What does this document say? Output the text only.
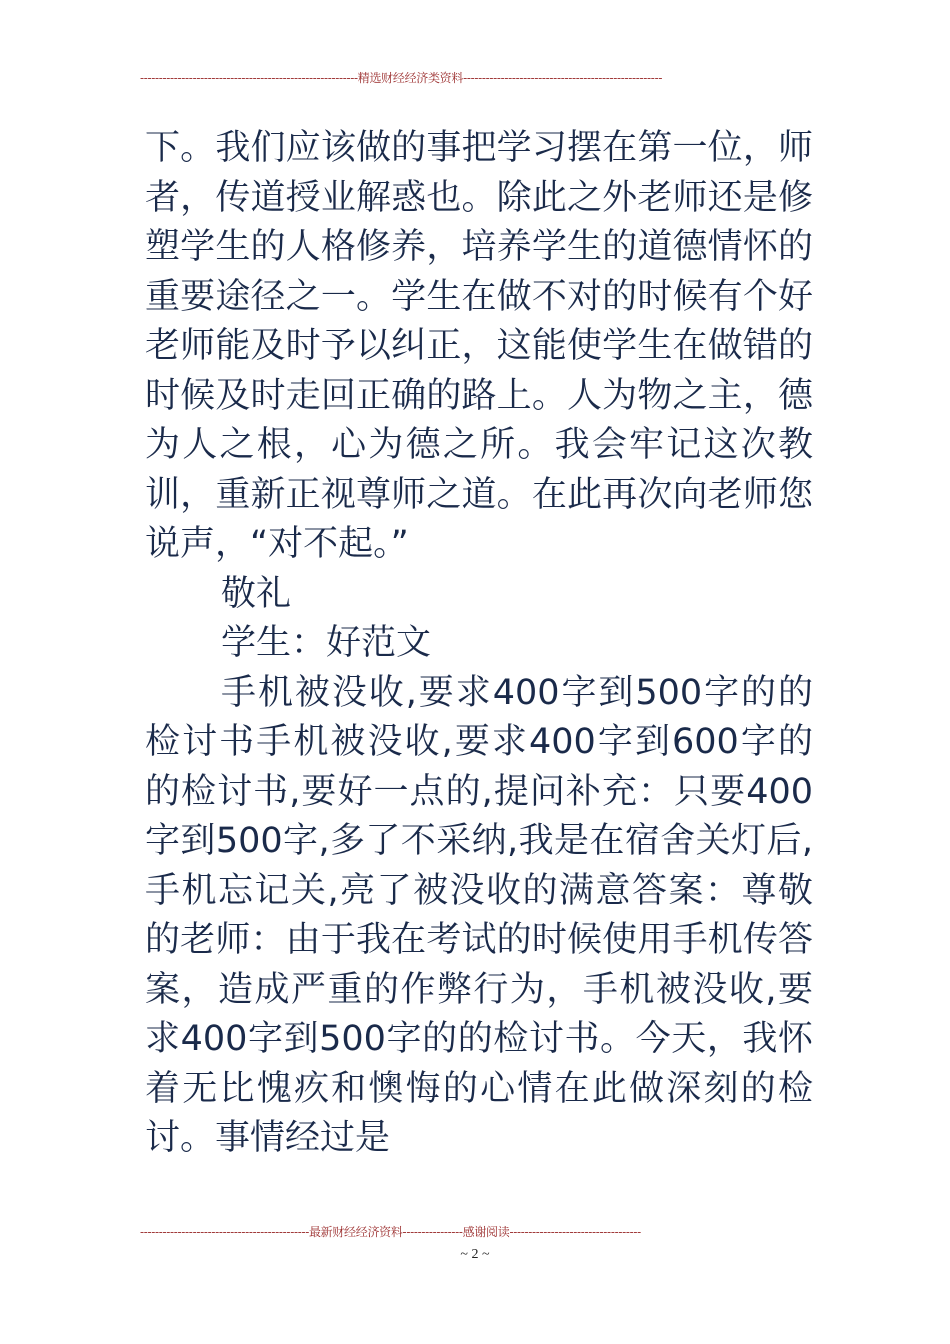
----------------------------------------------------------精选财经经济类资料-----------------------------------------------------

下。我们应该做的事把学习摆在第一位，师者，传道授业解惑也。除此之外老师还是修塑学生的人格修养，培养学生的道德情怀的重要途径之一。学生在做不对的时候有个好老师能及时予以纠正，这能使学生在做错的时候及时走回正确的路上。人为物之主，德为人之根，心为德之所。我会牢记这次教训，重新正视尊师之道。在此再次向老师您说声，“对不起。”

敬礼

学生：好范文

手机被没收,要求400字到500字的的检讨书手机被没收,要求400字到600字的的检讨书,要好一点的,提问补充：只要400字到500字,多了不采纳,我是在宿舍关灯后,手机忘记关,亮了被没收的满意答案：尊敬的老师：由于我在考试的时候使用手机传答案，造成严重的作弊行为，手机被没收,要求400字到500字的的检讨书。今天，我怀着无比愧疚和懊悔的心情在此做深刻的检讨。事情经过是

---------------------------------------------最新财经经济资料----------------感谢阅读-----------------------------------
~ 2 ~
